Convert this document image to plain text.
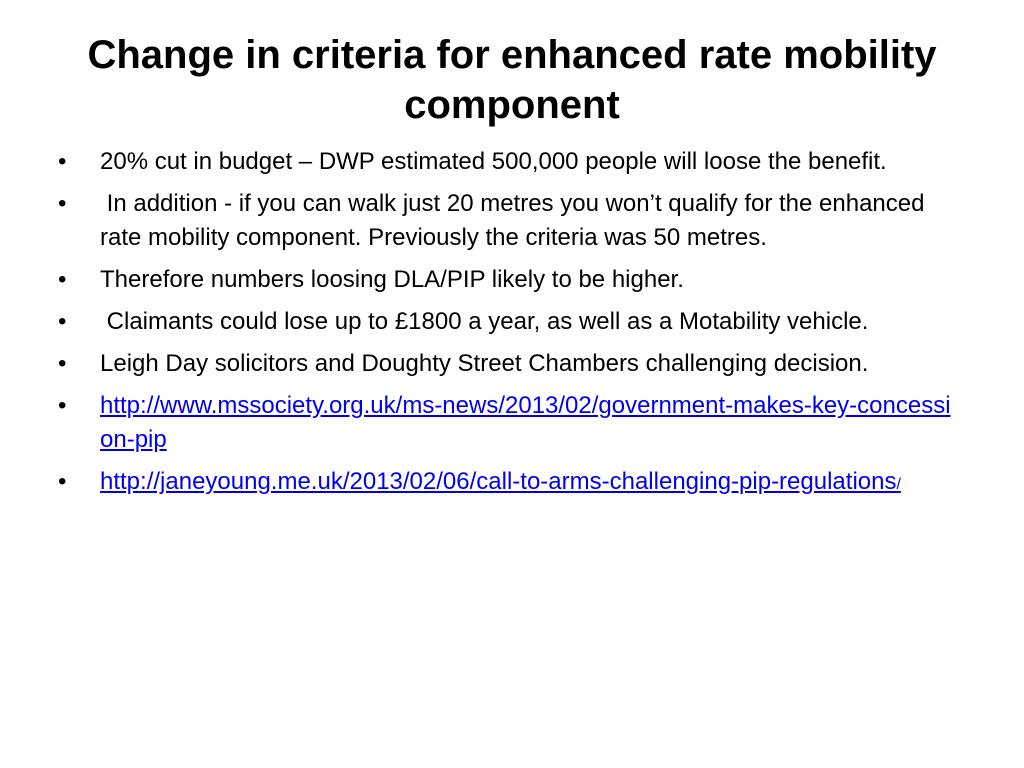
Change in criteria for enhanced rate mobility component
•	20% cut in budget – DWP estimated 500,000 people will loose the benefit.
•	In addition - if you can walk just 20 metres you won’t qualify for the enhanced rate mobility component. Previously the criteria was 50 metres.
•	Therefore numbers loosing DLA/PIP likely to be higher.
•	Claimants could lose up to £1800 a year, as well as a Motability vehicle.
•	Leigh Day solicitors and Doughty Street Chambers challenging decision.
•	http://www.mssociety.org.uk/ms-news/2013/02/government-makes-key-concession-pip
•	http://janeyoung.me.uk/2013/02/06/call-to-arms-challenging-pip-regulations/
